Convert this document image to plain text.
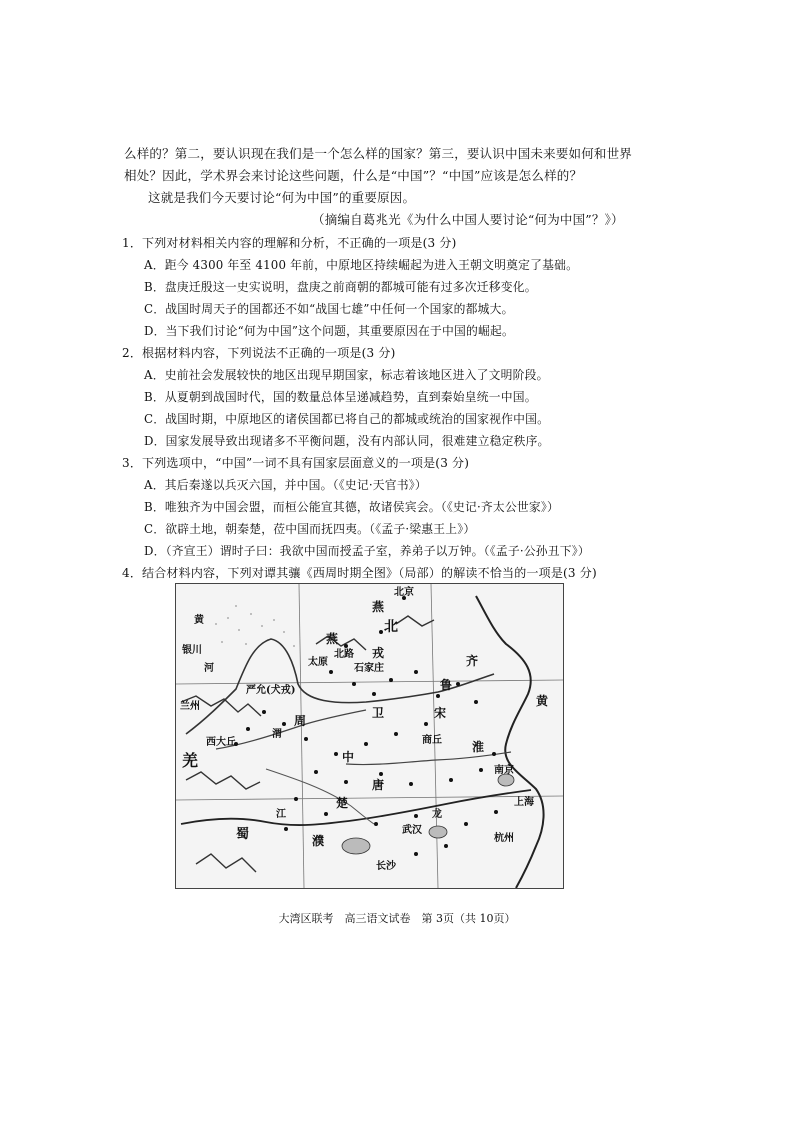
么样的？第二，要认识现在我们是一个怎么样的国家？第三，要认识中国未来要如何和世界
相处？因此，学术界会来讨论这些问题，什么是“中国”？“中国”应该是怎么样的？
这就是我们今天要讨论“何为中国”的重要原因。
（摘编自葛兆光《为什么中国人要讨论“何为中国”？》）
1．下列对材料相关内容的理解和分析，不正确的一项是(3 分)
A．距今 4300 年至 4100 年前，中原地区持续崛起为进入王朝文明奠定了基础。
B．盘庚迁殷这一史实说明，盘庚之前商朝的都城可能有过多次迁移变化。
C．战国时周天子的国都还不如“战国七雄”中任何一个国家的都城大。
D．当下我们讨论“何为中国”这个问题，其重要原因在于中国的崛起。
2．根据材料内容，下列说法不正确的一项是(3 分)
A．史前社会发展较快的地区出现早期国家，标志着该地区进入了文明阶段。
B．从夏朝到战国时代，国的数量总体呈递减趋势，直到秦始皇统一中国。
C．战国时期，中原地区的诸侯国都已将自己的都城或统治的国家视作中国。
D．国家发展导致出现诸多不平衡问题，没有内部认同，很难建立稳定秩序。
3．下列选项中，“中国”一词不具有国家层面意义的一项是(3 分)
A．其后秦遂以兵灭六国，并中国。（《史记·天官书》）
B．唯独齐为中国会盟，而桓公能宣其德，故诸侯宾会。（《史记·齐太公世家》）
C．欲辟土地，朝秦楚，莅中国而抚四夷。（《孟子·梁惠王上》）
D．（齐宣王）谓时子曰：我欲中国而授孟子室，养弟子以万钟。（《孟子·公孙丑下》）
4．结合材料内容，下列对谭其骧《西周时期全图》（局部）的解读不恰当的一项是(3 分)
北京
燕
北
戎
燕
石家庄
太原
北路
银川
黄
河
严允(犬戎)
兰州
西大丘
羌
蜀
渭
周
卫	宋
鲁
齐
商丘
中
唐
淮
南京
上海
杭州
武汉
楚
濮
龙
长沙
黄
江
大湾区联考　高三语文试卷　第 3页（共 10页）
